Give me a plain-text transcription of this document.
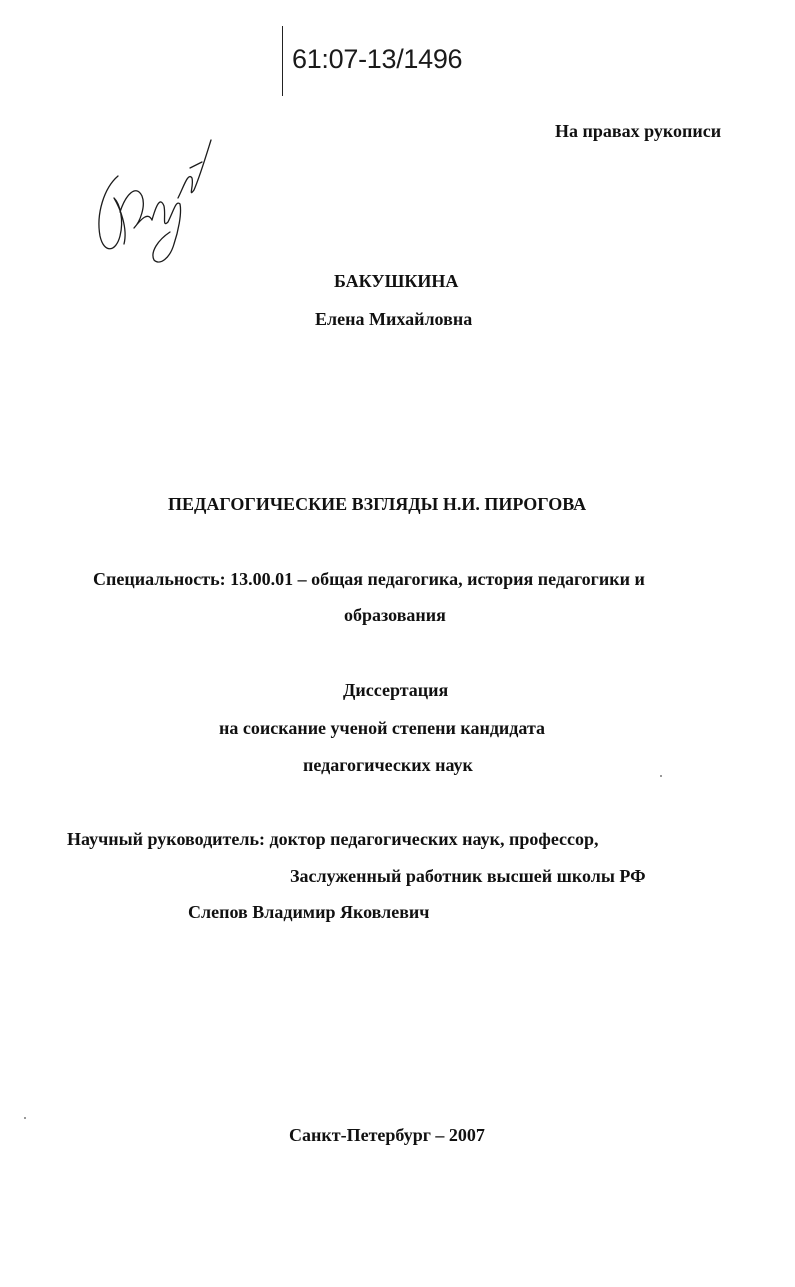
61:07-13/1496
На правах рукописи
БАКУШКИНА
Елена Михайловна
ПЕДАГОГИЧЕСКИЕ ВЗГЛЯДЫ Н.И. ПИРОГОВА
Специальность: 13.00.01 – общая педагогика, история педагогики и
образования
Диссертация
на соискание ученой степени кандидата
педагогических наук
Научный руководитель: доктор педагогических наук, профессор,
Заслуженный работник высшей школы РФ
Слепов Владимир Яковлевич
Санкт-Петербург – 2007
